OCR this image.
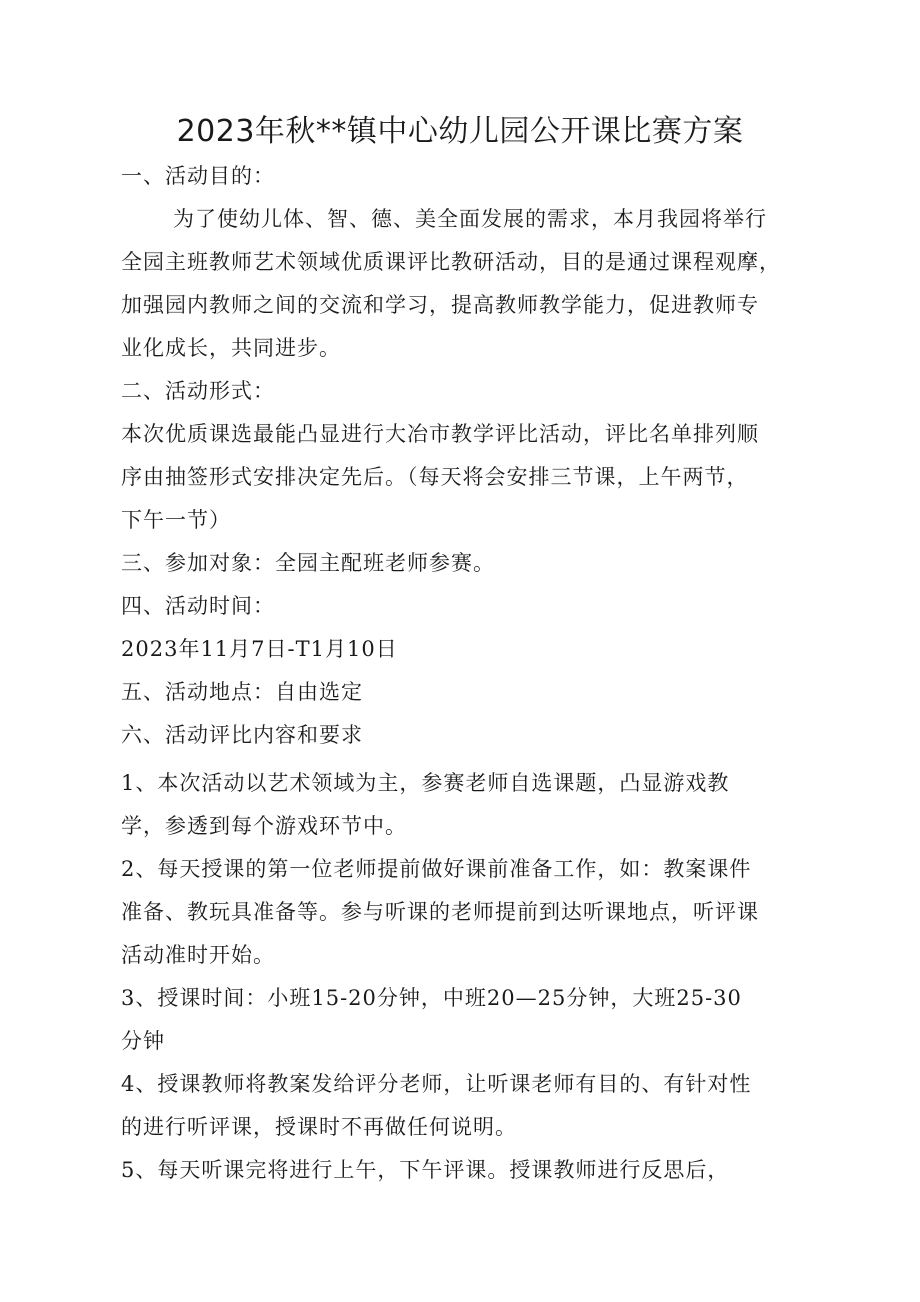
2023年秋**镇中心幼儿园公开课比赛方案

一、活动目的：

为了使幼儿体、智、德、美全面发展的需求，本月我园将举行

全园主班教师艺术领域优质课评比教研活动，目的是通过课程观摩，

加强园内教师之间的交流和学习，提高教师教学能力，促进教师专

业化成长，共同进步。

二、活动形式：

本次优质课选最能凸显进行大冶市教学评比活动，评比名单排列顺

序由抽签形式安排决定先后。（每天将会安排三节课，上午两节，

下午一节）

三、参加对象：全园主配班老师参赛。

四、活动时间：

2023年11月7日-T1月10日

五、活动地点：自由选定

六、活动评比内容和要求

1、本次活动以艺术领域为主，参赛老师自选课题，凸显游戏教

学，参透到每个游戏环节中。

2、每天授课的第一位老师提前做好课前准备工作，如：教案课件

准备、教玩具准备等。参与听课的老师提前到达听课地点，听评课

活动准时开始。

3、授课时间：小班15-20分钟，中班20—25分钟，大班25-30

分钟

4、授课教师将教案发给评分老师，让听课老师有目的、有针对性

的进行听评课，授课时不再做任何说明。

5、每天听课完将进行上午，下午评课。授课教师进行反思后，
